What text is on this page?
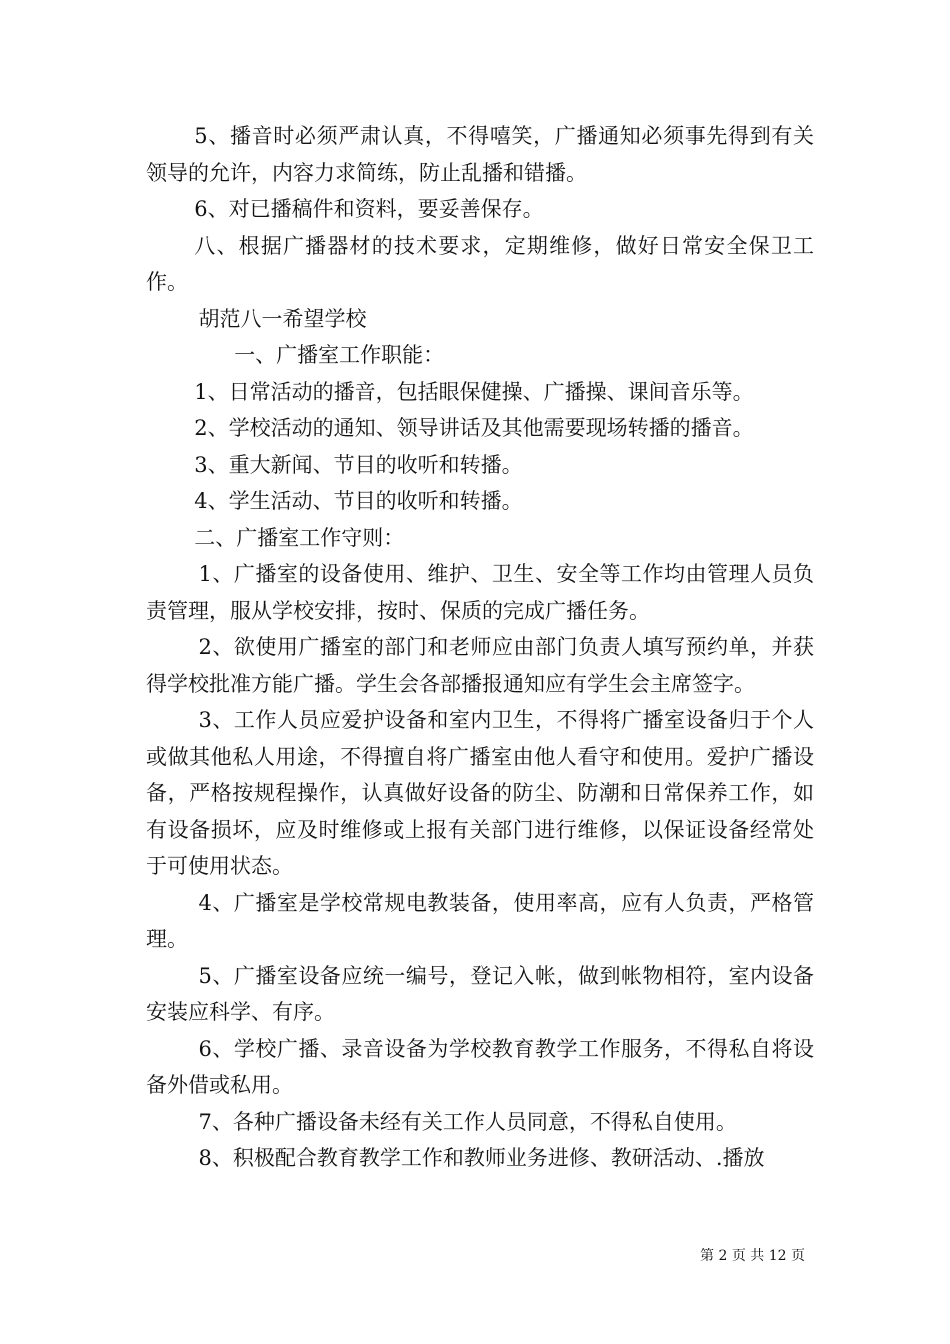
5、播音时必须严肃认真，不得嘻笑，广播通知必须事先得到有关领导的允许，内容力求简练，防止乱播和错播。

6、对已播稿件和资料，要妥善保存。

八、根据广播器材的技术要求，定期维修，做好日常安全保卫工作。

胡范八一希望学校

一、广播室工作职能：

1、日常活动的播音，包括眼保健操、广播操、课间音乐等。

2、学校活动的通知、领导讲话及其他需要现场转播的播音。

3、重大新闻、节目的收听和转播。

4、学生活动、节目的收听和转播。

二、广播室工作守则：

1、广播室的设备使用、维护、卫生、安全等工作均由管理人员负责管理，服从学校安排，按时、保质的完成广播任务。

2、欲使用广播室的部门和老师应由部门负责人填写预约单，并获得学校批准方能广播。学生会各部播报通知应有学生会主席签字。

3、工作人员应爱护设备和室内卫生，不得将广播室设备归于个人或做其他私人用途，不得擅自将广播室由他人看守和使用。爱护广播设备，严格按规程操作，认真做好设备的防尘、防潮和日常保养工作，如有设备损坏，应及时维修或上报有关部门进行维修，以保证设备经常处于可使用状态。

4、广播室是学校常规电教装备，使用率高，应有人负责，严格管理。

5、广播室设备应统一编号，登记入帐，做到帐物相符，室内设备安装应科学、有序。

6、学校广播、录音设备为学校教育教学工作服务，不得私自将设备外借或私用。

7、各种广播设备未经有关工作人员同意，不得私自使用。

8、积极配合教育教学工作和教师业务进修、教研活动、.播放

第 2 页 共 12 页
